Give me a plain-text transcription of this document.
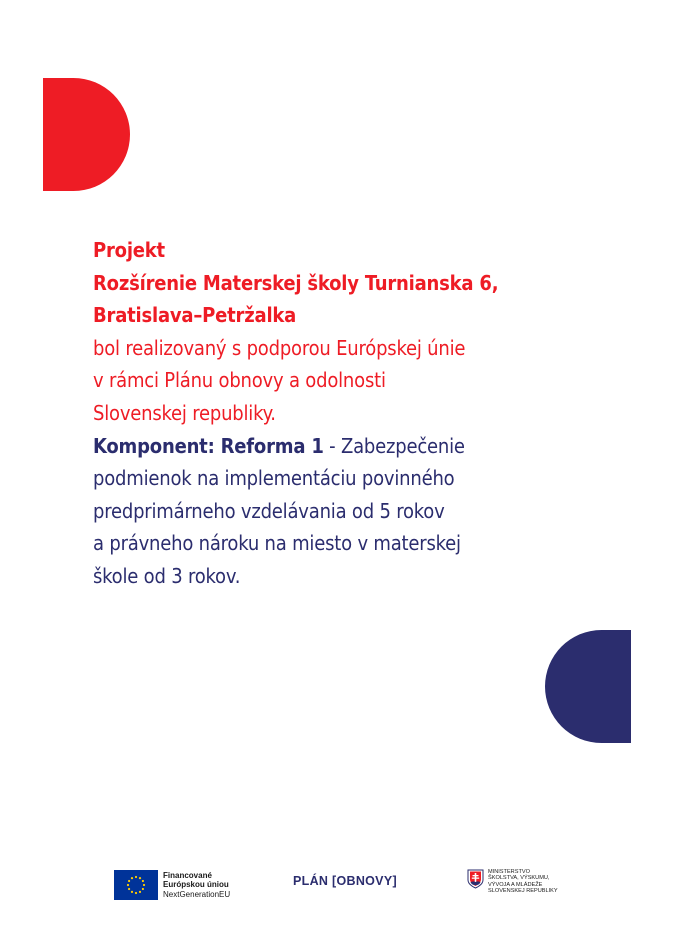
Projekt
Rozšírenie Materskej školy Turnianska 6,
Bratislava–Petržalka
bol realizovaný s podporou Európskej únie
v rámci Plánu obnovy a odolnosti
Slovenskej republiky.
Komponent: Reforma 1 - Zabezpečenie
podmienok na implementáciu povinného
predprimárneho vzdelávania od 5 rokov
a právneho nároku na miesto v materskej
škole od 3 rokov.
Financované
Európskou úniou
NextGenerationEU
PLÁN [OBNOVY]
MINISTERSTVO
ŠKOLSTVA, VÝSKUMU,
VÝVOJA A MLÁDEŽE
SLOVENSKEJ REPUBLIKY
